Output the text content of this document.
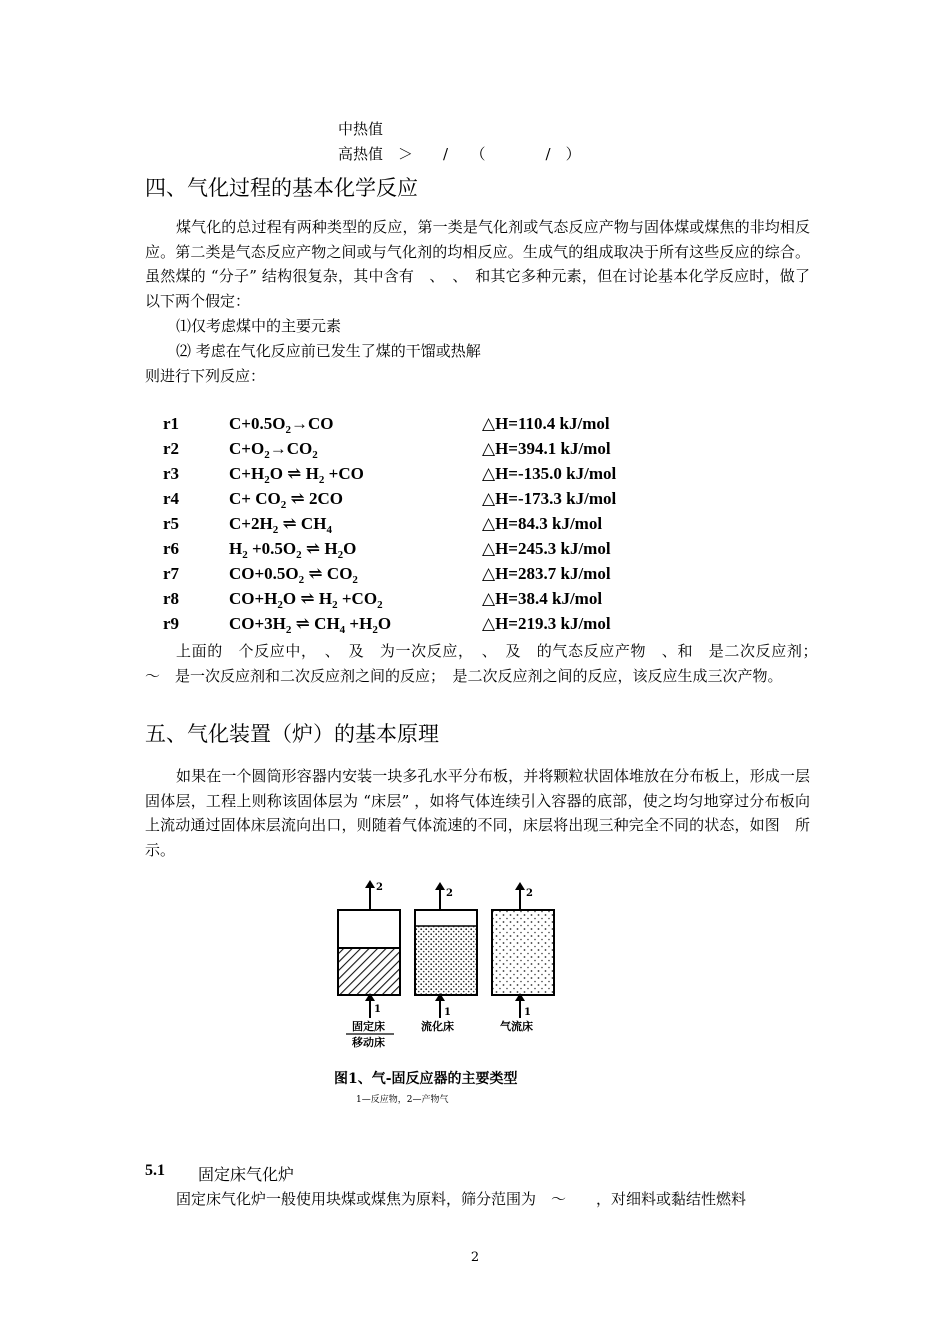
中热值
高热值　＞　　/　　（　　　　/　）
四、气化过程的基本化学反应
煤气化的总过程有两种类型的反应，第一类是气化剂或气态反应产物与固体煤或煤焦的非均相反应。第二类是气态反应产物之间或与气化剂的均相反应。生成气的组成取决于所有这些反应的综合。虽然煤的 “分子” 结构很复杂，其中含有　、　、　和其它多种元素，但在讨论基本化学反应时，做了以下两个假定：
⑴仅考虑煤中的主要元素
⑵ 考虑在气化反应前已发生了煤的干馏或热解
则进行下列反应：
r1	$C+0.5O_2\to CO$	△H=110.4 kJ/mol
r2	$C+O_2\to CO_2$	△H=394.1 kJ/mol
r3	$C+H_2O$ ⇌ $H_2 +CO$	△H=-135.0 kJ/mol
r4	$C+ CO_2$ ⇌ 2CO	△H=-173.3 kJ/mol
r5	$C+2H_2$ ⇌ $CH_4$	△H=84.3 kJ/mol
r6	$H_2 +0.5O_2$ ⇌ $H_2O$	△H=245.3 kJ/mol
r7	$CO+0.5O_2$ ⇌ $CO_2$	△H=283.7 kJ/mol
r8	$CO+H_2O$ ⇌ $H_2 +CO_2$	△H=38.4 kJ/mol
r9	$CO+3H_2$ ⇌ $CH_4 +H_2O$	△H=219.3 kJ/mol
上面的　个反应中，　、　及　为一次反应，　、　及　的气态反应产物　、和　是二次反应剂；　～　是一次反应剂和二次反应剂之间的反应；　是二次反应剂之间的反应，该反应生成三次产物。
五、气化装置（炉）的基本原理
如果在一个圆筒形容器内安装一块多孔水平分布板，并将颗粒状固体堆放在分布板上，形成一层固体层，工程上则称该固体层为 “床层” ，如将气体连续引入容器的底部，使之均匀地穿过分布板向上流动通过固体床层流向出口，则随着气体流速的不同，床层将出现三种完全不同的状态，如图　所示。
2
2	2
1	1	1
固定床
移动床
流化床	气流床
图1、气-固反应器的主要类型
1—反应物，2—产物气
5.1 固定床气化炉
固定床气化炉一般使用块煤或煤焦为原料，筛分范围为　～　　，对细料或黏结性燃料
2
